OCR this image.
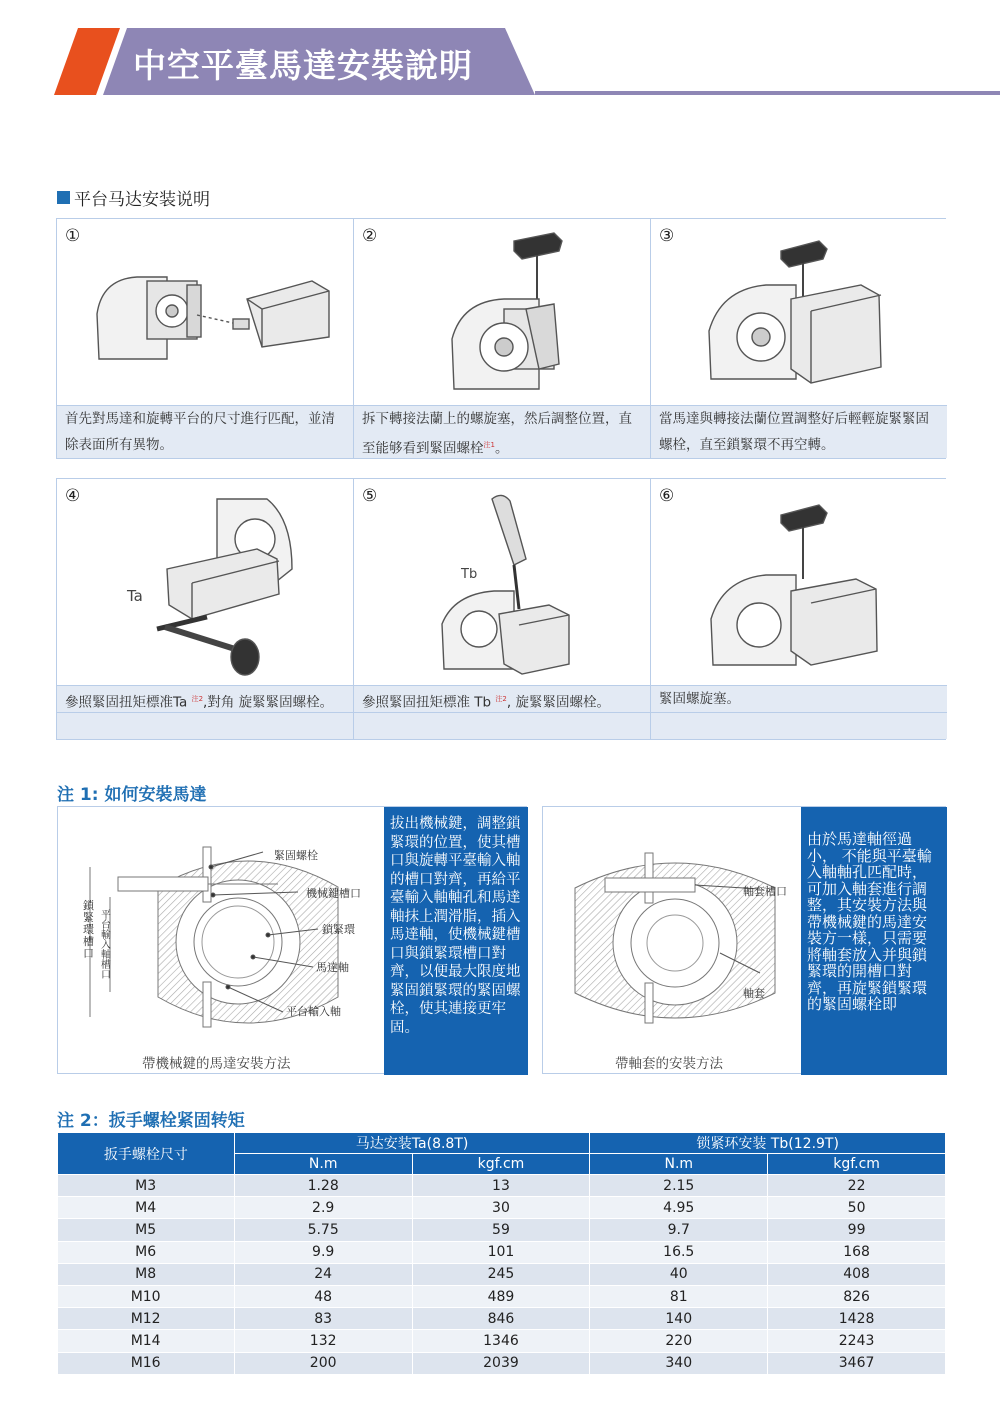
中空平臺馬達安裝說明
平台马达安装说明
①
首先對馬達和旋轉平台的尺寸進行匹配，並清除表面所有異物。
②
拆下轉接法蘭上的螺旋塞，然后調整位置，直至能够看到緊固螺栓$^{注1}$。
③
當馬達與轉接法蘭位置調整好后輕輕旋緊緊固螺栓，直至鎖緊環不再空轉。
④
Ta
參照緊固扭矩標准Ta $^{注2}$,對角 旋緊緊固螺栓。
⑤
Tb
參照緊固扭矩標准 Tb $^{注2}$, 旋緊緊固螺栓。
⑥
緊固螺旋塞。
注 1: 如何安裝馬達
緊固螺栓
機械鍵槽口
鎖緊環
馬達軸
平台輸入軸
鎖緊環槽口
平台輸入軸槽口
帶機械鍵的馬達安裝方法
拔出機械鍵，調整鎖緊環的位置，使其槽口與旋轉平臺輸入軸的槽口對齊，再給平臺輸入軸軸孔和馬達軸抹上潤滑脂，插入馬達軸，使機械鍵槽口與鎖緊環槽口對齊，以便最大限度地緊固鎖緊環的緊固螺栓，使其連接更牢固。
軸套槽口
軸套
帶軸套的安裝方法
由於馬達軸徑過小， 不能與平臺輸入軸軸孔匹配時，可加入軸套進行調整，其安裝方法與帶機械鍵的馬達安裝方一樣，只需要將軸套放入并與鎖緊環的開槽口對齊，再旋緊鎖緊環的緊固螺栓即
注 2：扳手螺栓紧固转矩
扳手螺栓尺寸	马达安装Ta(8.8T)		锁紧环安装 Tb(12.9T)	
	N.m	kgf.cm	N.m	kgf.cm
M3	1.28	13	2.15	22
M4	2.9	30	4.95	50
M5	5.75	59	9.7	99
M6	9.9	101	16.5	168
M8	24	245	40	408
M10	48	489	81	826
M12	83	846	140	1428
M14	132	1346	220	2243
M16	200	2039	340	3467
